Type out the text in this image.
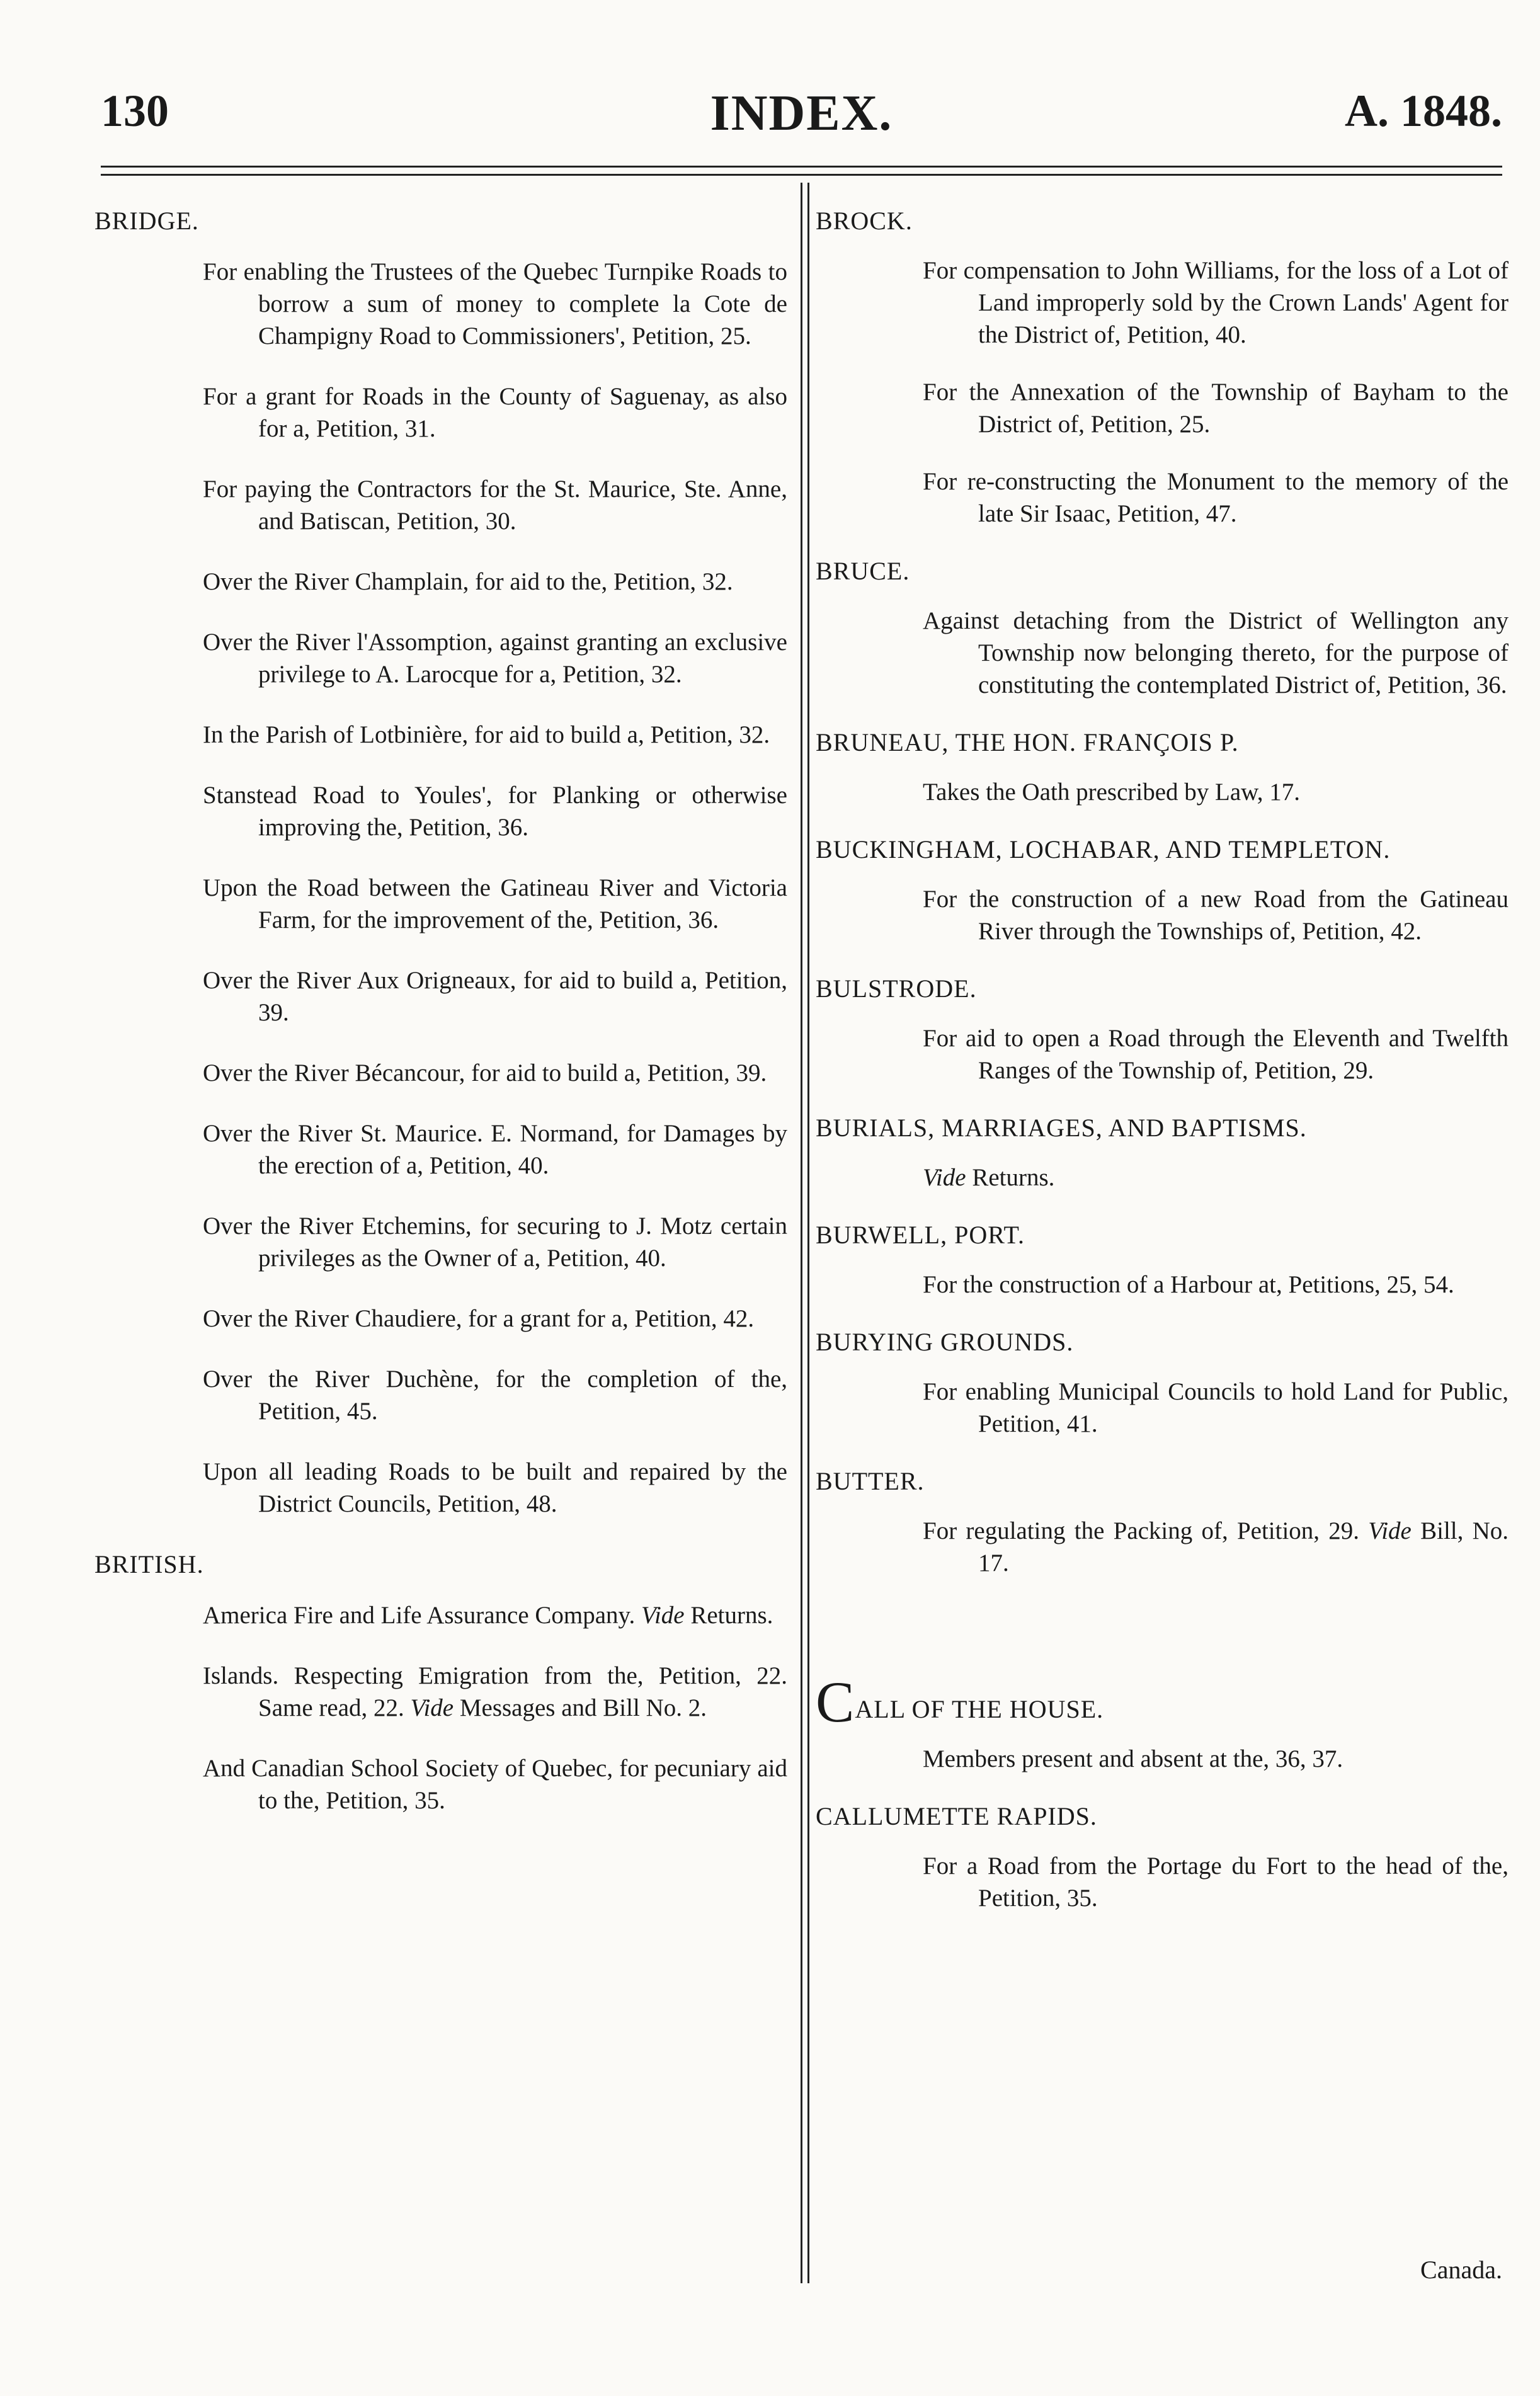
130	INDEX.	A. 1848.
BRIDGE.
For enabling the Trustees of the Quebec Turnpike Roads to borrow a sum of money to complete la Cote de Champigny Road to Commissioners', Petition, 25.
For a grant for Roads in the County of Saguenay, as also for a, Petition, 31.
For paying the Contractors for the St. Maurice, Ste. Anne, and Batiscan, Petition, 30.
Over the River Champlain, for aid to the, Petition, 32.
Over the River l'Assomption, against granting an exclusive privilege to A. Larocque for a, Petition, 32.
In the Parish of Lotbinière, for aid to build a, Petition, 32.
Stanstead Road to Youles', for Planking or otherwise improving the, Petition, 36.
Upon the Road between the Gatineau River and Victoria Farm, for the improvement of the, Petition, 36.
Over the River Aux Origneaux, for aid to build a, Petition, 39.
Over the River Bécancour, for aid to build a, Petition, 39.
Over the River St. Maurice. E. Normand, for Damages by the erection of a, Petition, 40.
Over the River Etchemins, for securing to J. Motz certain privileges as the Owner of a, Petition, 40.
Over the River Chaudiere, for a grant for a, Petition, 42.
Over the River Duchène, for the completion of the, Petition, 45.
Upon all leading Roads to be built and repaired by the District Councils, Petition, 48.
BRITISH.
America Fire and Life Assurance Company. Vide Returns.
Islands. Respecting Emigration from the, Petition, 22. Same read, 22. Vide Messages and Bill No. 2.
And Canadian School Society of Quebec, for pecuniary aid to the, Petition, 35.
BROCK.
For compensation to John Williams, for the loss of a Lot of Land improperly sold by the Crown Lands' Agent for the District of, Petition, 40.
For the Annexation of the Township of Bayham to the District of, Petition, 25.
For re-constructing the Monument to the memory of the late Sir Isaac, Petition, 47.
BRUCE.
Against detaching from the District of Wellington any Township now belonging thereto, for the purpose of constituting the contemplated District of, Petition, 36.
BRUNEAU, THE HON. FRANÇOIS P.
Takes the Oath prescribed by Law, 17.
BUCKINGHAM, LOCHABAR, AND TEMPLETON.
For the construction of a new Road from the Gatineau River through the Townships of, Petition, 42.
BULSTRODE.
For aid to open a Road through the Eleventh and Twelfth Ranges of the Township of, Petition, 29.
BURIALS, MARRIAGES, AND BAPTISMS.
Vide Returns.
BURWELL, PORT.
For the construction of a Harbour at, Petitions, 25, 54.
BURYING GROUNDS.
For enabling Municipal Councils to hold Land for Public, Petition, 41.
BUTTER.
For regulating the Packing of, Petition, 29. Vide Bill, No. 17.
CALL OF THE HOUSE.
Members present and absent at the, 36, 37.
CALLUMETTE RAPIDS.
For a Road from the Portage du Fort to the head of the, Petition, 35.
Canada.
